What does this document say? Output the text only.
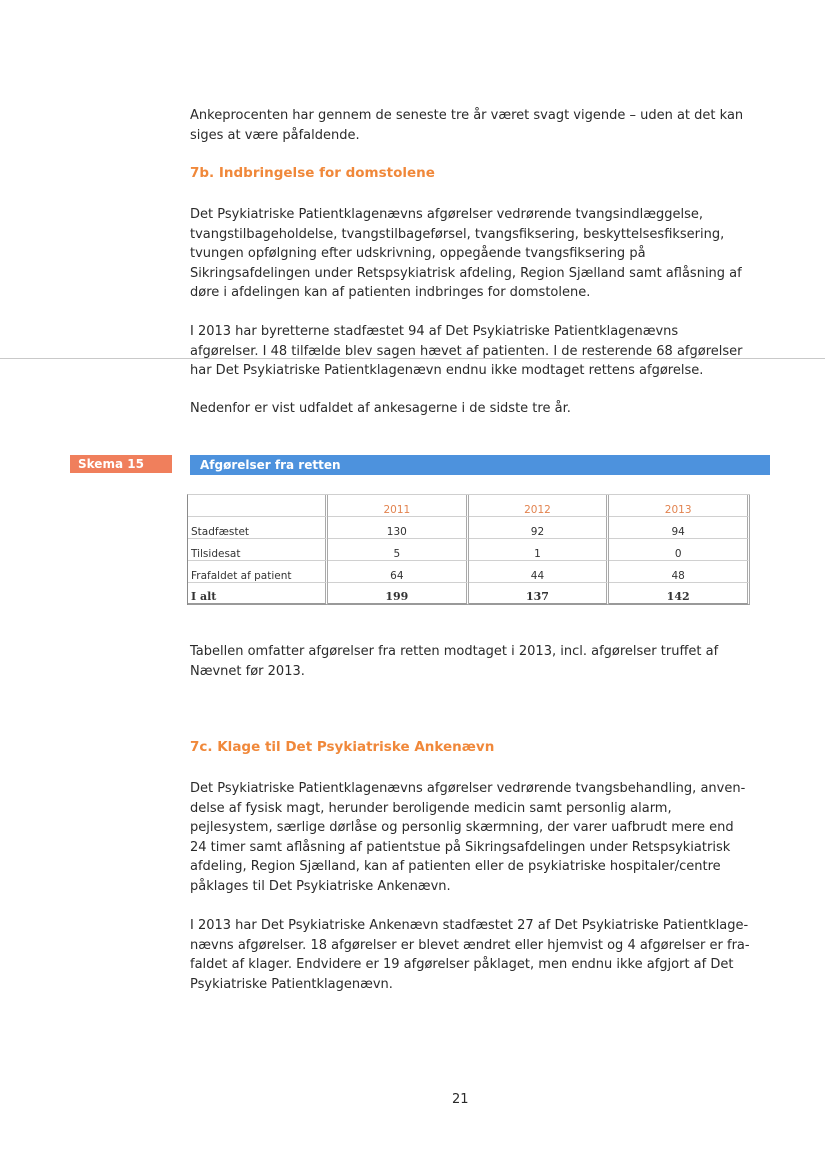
Ankeprocenten har gennem de seneste tre år været svagt vigende – uden at det kan siges at være påfaldende.

7b. Indbringelse for domstolene

Det Psykiatriske Patientklagenævns afgørelser vedrørende tvangsindlæggelse, tvangstilbageholdelse, tvangstilbageførsel, tvangsfiksering, beskyttelsesfiksering, tvungen opfølgning efter udskrivning, oppegående tvangsfiksering på Sikringsafdelingen under Retspsykiatrisk afdeling, Region Sjælland samt aflåsning af døre i afdelingen kan af patienten indbringes for domstolene.

I 2013 har byretterne stadfæstet 94 af Det Psykiatriske Patientklagenævns afgørelser. I 48 tilfælde blev sagen hævet af patienten. I de resterende 68 afgørelser har Det Psykiatriske Patientklagenævn endnu ikke modtaget rettens afgørelse.

Nedenfor er vist udfaldet af ankesagerne i de sidste tre år.

Skema 15	Afgørelser fra retten
	2011	2012	2013
Stadfæstet	130	92	94
Tilsidesat	5	1	0
Frafaldet af patient	64	44	48
I alt	199	137	142

Tabellen omfatter afgørelser fra retten modtaget i 2013, incl. afgørelser truffet af Nævnet før 2013.

7c. Klage til Det Psykiatriske Ankenævn

Det Psykiatriske Patientklagenævns afgørelser vedrørende tvangsbehandling, anvendelse af fysisk magt, herunder beroligende medicin samt personlig alarm, pejlesystem, særlige dørlåse og personlig skærmning, der varer uafbrudt mere end 24 timer samt aflåsning af patientstue på Sikringsafdelingen under Retspsykiatrisk afdeling, Region Sjælland, kan af patienten eller de psykiatriske hospitaler/centre påklages til Det Psykiatriske Ankenævn.

I 2013 har Det Psykiatriske Ankenævn stadfæstet 27 af Det Psykiatriske Patientklagenævns afgørelser. 18 afgørelser er blevet ændret eller hjemvist og 4 afgørelser er frafaldet af klager. Endvidere er 19 afgørelser påklaget, men endnu ikke afgjort af Det Psykiatriske Patientklagenævn.

21
